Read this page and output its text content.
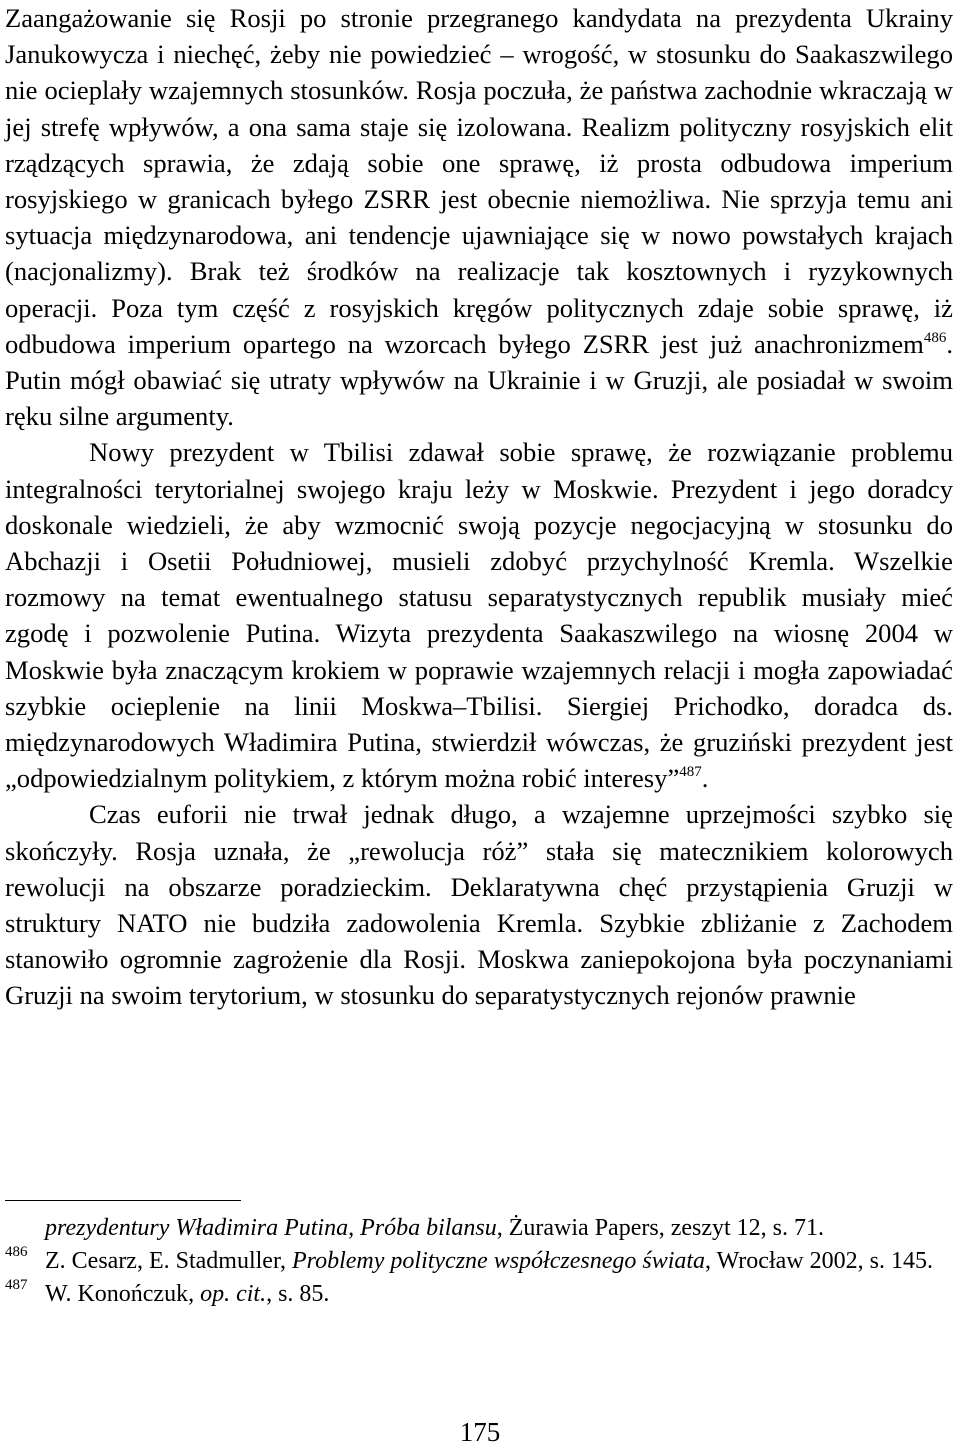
Zaangażowanie się Rosji po stronie przegranego kandydata na prezydenta Ukrainy Janukowycza i niechęć, żeby nie powiedzieć – wrogość, w stosunku do Saakaszwilego nie ocieplały wzajemnych stosunków. Rosja poczuła, że państwa zachodnie wkraczają w jej strefę wpływów, a ona sama staje się izolowana. Realizm polityczny rosyjskich elit rządzących sprawia, że zdają sobie one sprawę, iż prosta odbudowa imperium rosyjskiego w granicach byłego ZSRR jest obecnie niemożliwa. Nie sprzyja temu ani sytuacja międzynarodowa, ani tendencje ujawniające się w nowo powstałych krajach (nacjonalizmy). Brak też środków na realizacje tak kosztownych i ryzykownych operacji. Poza tym część z rosyjskich kręgów politycznych zdaje sobie sprawę, iż odbudowa imperium opartego na wzorcach byłego ZSRR jest już anachronizmem$^{486}$. Putin mógł obawiać się utraty wpływów na Ukrainie i w Gruzji, ale posiadał w swoim ręku silne argumenty.

Nowy prezydent w Tbilisi zdawał sobie sprawę, że rozwiązanie problemu integralności terytorialnej swojego kraju leży w Moskwie. Prezydent i jego doradcy doskonale wiedzieli, że aby wzmocnić swoją pozycje negocjacyjną w stosunku do Abchazji i Osetii Południowej, musieli zdobyć przychylność Kremla. Wszelkie rozmowy na temat ewentualnego statusu separatystycznych republik musiały mieć zgodę i pozwolenie Putina. Wizyta prezydenta Saakaszwilego na wiosnę 2004 w Moskwie była znaczącym krokiem w poprawie wzajemnych relacji i mogła zapowiadać szybkie ocieplenie na linii Moskwa–Tbilisi. Siergiej Prichodko, doradca ds. międzynarodowych Władimira Putina, stwierdził wówczas, że gruziński prezydent jest „odpowiedzialnym politykiem, z którym można robić interesy”$^{487}$.

Czas euforii nie trwał jednak długo, a wzajemne uprzejmości szybko się skończyły. Rosja uznała, że „rewolucja róż” stała się matecznikiem kolorowych rewolucji na obszarze poradzieckim. Deklaratywna chęć przystąpienia Gruzji w struktury NATO nie budziła zadowolenia Kremla. Szybkie zbliżanie z Zachodem stanowiło ogromnie zagrożenie dla Rosji. Moskwa zaniepokojona była poczynaniami Gruzji na swoim terytorium, w stosunku do separatystycznych rejonów prawnie

prezydentury Władimira Putina, Próba bilansu, Żurawia Papers, zeszyt 12, s. 71.

486 Z. Cesarz, E. Stadmuller, Problemy polityczne współczesnego świata, Wrocław 2002, s. 145.

487 W. Konończuk, op. cit., s. 85.

175
